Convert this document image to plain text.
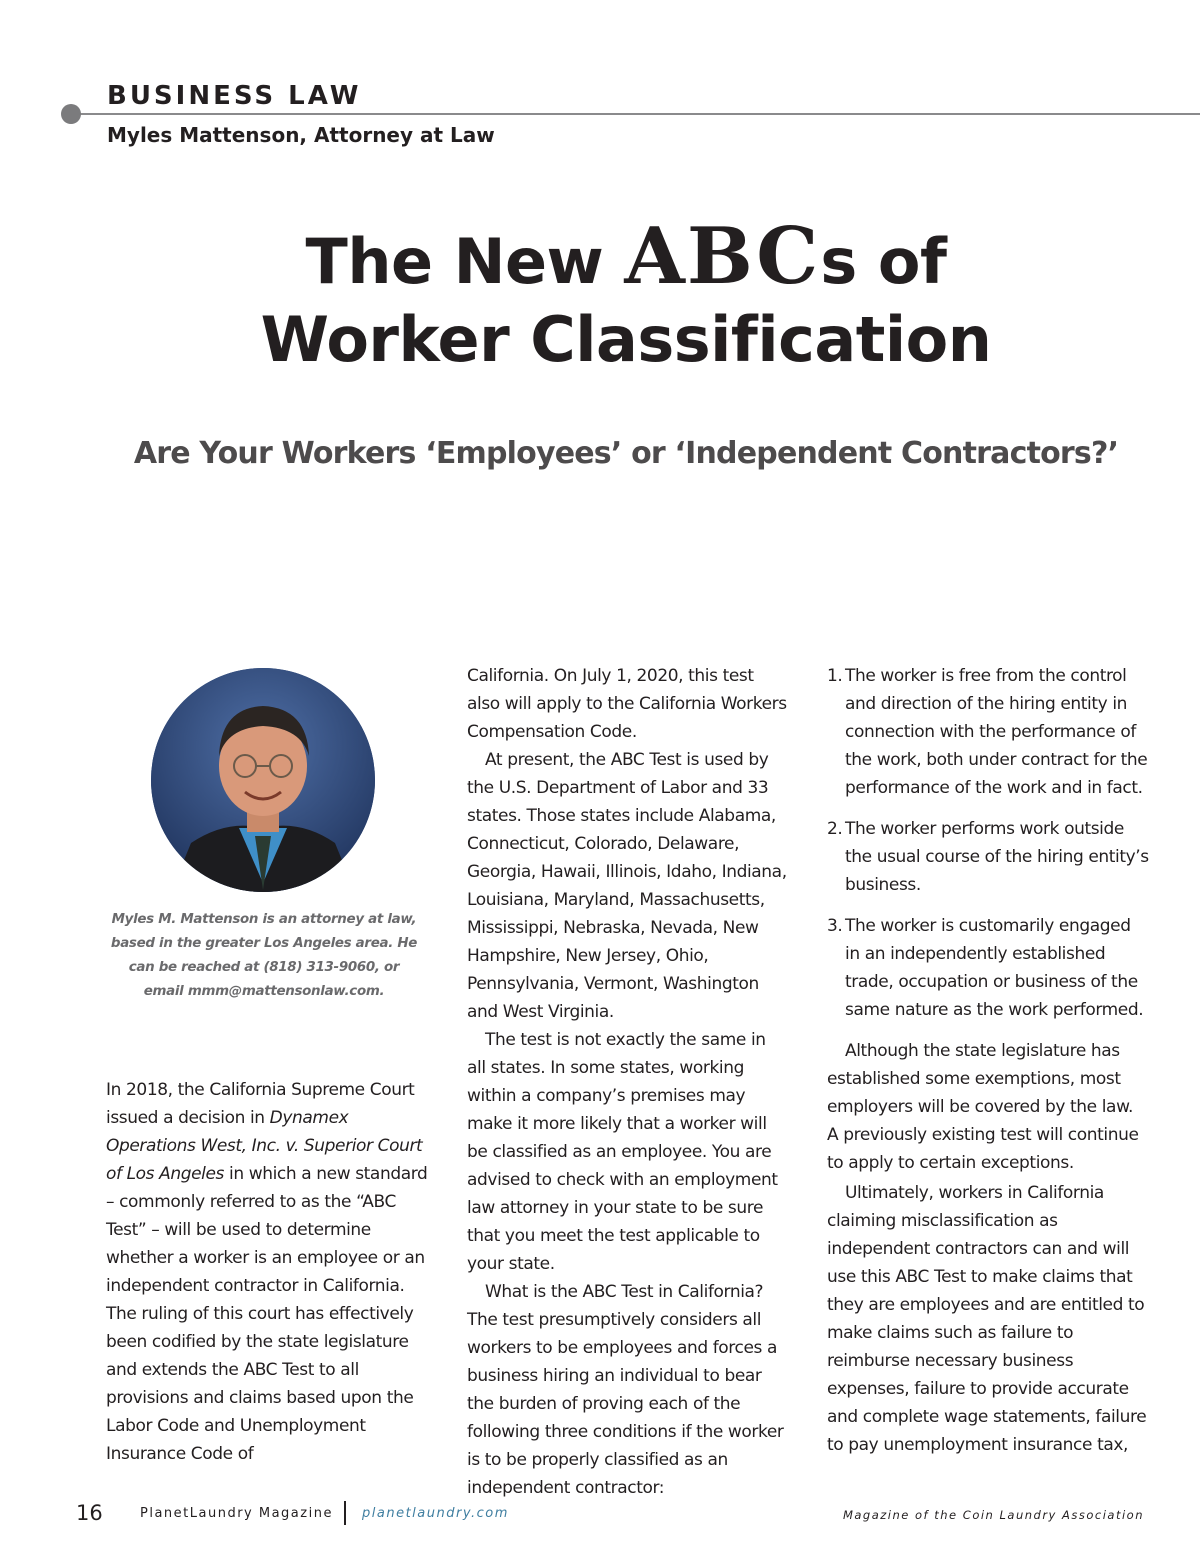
BUSINESS LAW
Myles Mattenson, Attorney at Law
The New ABCs of
Worker Classification
Are Your Workers ‘Employees’ or ‘Independent Contractors?’
Myles M. Mattenson is an attorney at law, based in the greater Los Angeles area. He can be reached at (818) 313-9060, or email mmm@mattensonlaw.com.

In 2018, the California Supreme Court issued a decision in Dynamex Operations West, Inc. v. Superior Court of Los Angeles in which a new standard – commonly referred to as the “ABC Test” – will be used to determine whether a worker is an employee or an independent contractor in California. The ruling of this court has effectively been codified by the state legislature and extends the ABC Test to all provisions and claims based upon the Labor Code and Unemployment Insurance Code of

California. On July 1, 2020, this test also will apply to the California Workers Compensation Code.

At present, the ABC Test is used by the U.S. Department of Labor and 33 states. Those states include Alabama, Connecticut, Colorado, Delaware, Georgia, Hawaii, Illinois, Idaho, Indiana, Louisiana, Maryland, Massachusetts, Mississippi, Nebraska, Nevada, New Hampshire, New Jersey, Ohio, Pennsylvania, Vermont, Washington and West Virginia.

The test is not exactly the same in all states. In some states, working within a company’s premises may make it more likely that a worker will be classified as an employee. You are advised to check with an employment law attorney in your state to be sure that you meet the test applicable to your state.

What is the ABC Test in California? The test presumptively considers all workers to be employees and forces a business hiring an individual to bear the burden of proving each of the following three conditions if the worker is to be properly classified as an independent contractor:

1. The worker is free from the control and direction of the hiring entity in connection with the performance of the work, both under contract for the performance of the work and in fact.
2. The worker performs work outside the usual course of the hiring entity’s business.
3. The worker is customarily engaged in an independently established trade, occupation or business of the same nature as the work performed.

Although the state legislature has established some exemptions, most employers will be covered by the law. A previously existing test will continue to apply to certain exceptions.

Ultimately, workers in California claiming misclassification as independent contractors can and will use this ABC Test to make claims that they are employees and are entitled to make claims such as failure to reimburse necessary business expenses, failure to provide accurate and complete wage statements, failure to pay unemployment insurance tax,

16	PlanetLaundry Magazine planetlaundry.com	Magazine of the Coin Laundry Association
